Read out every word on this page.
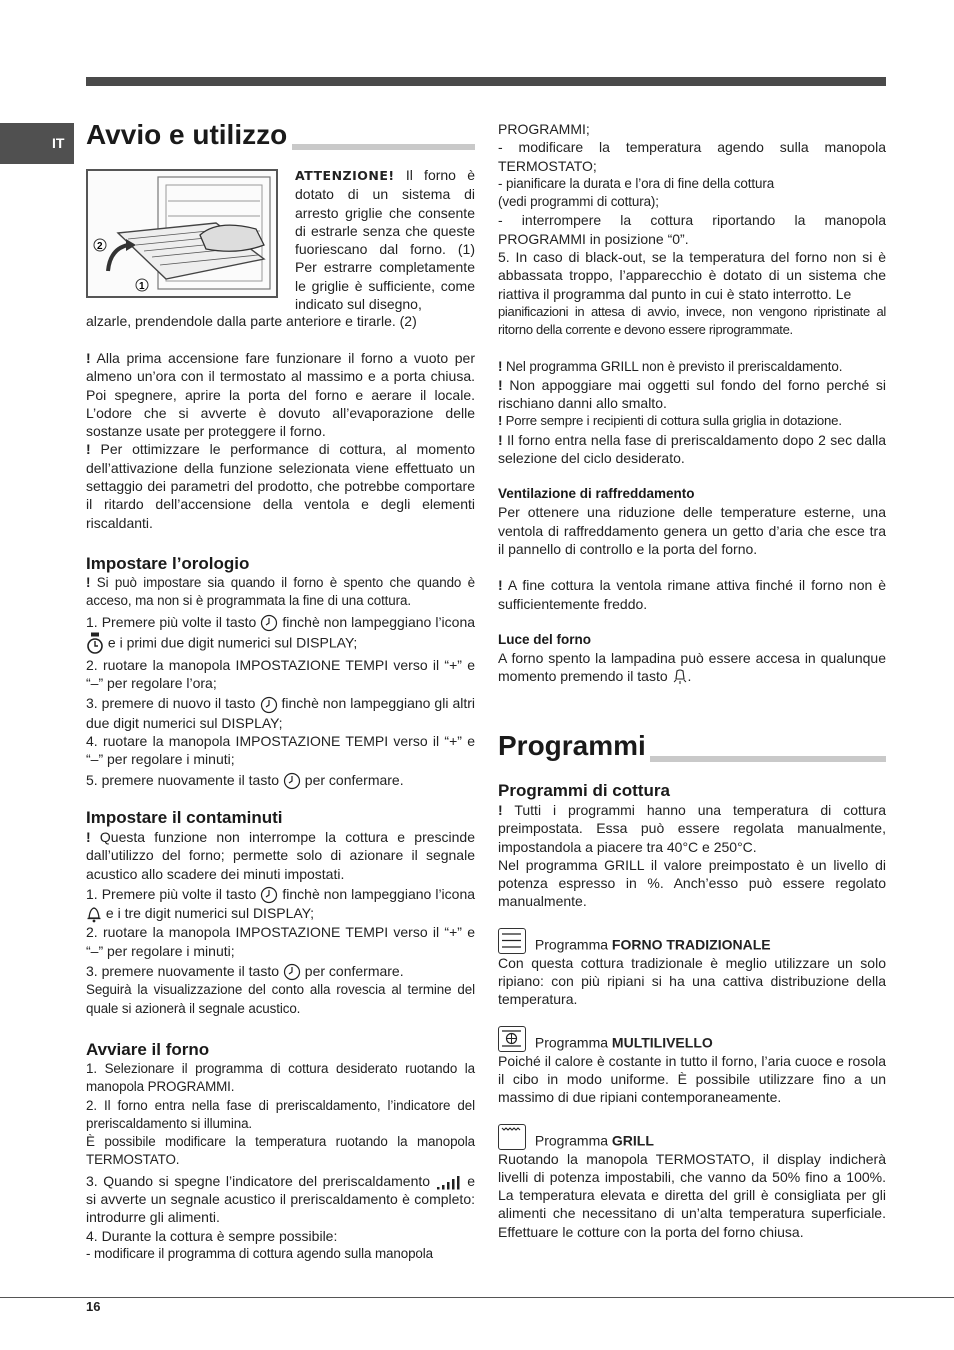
IT Avvio e utilizzo
2
1
ATTENZIONE! Il forno è dotato di un sistema di arresto griglie che consente di estrarle senza che queste fuoriescano dal forno. (1) Per estrarre completamente le griglie è sufficiente, come indicato sul disegno,
alzarle, prendendole dalla parte anteriore e tirarle. (2)

! Alla prima accensione fare funzionare il forno a vuoto per almeno un’ora con il termostato al massimo e a porta chiusa. Poi spegnere, aprire la porta del forno e aerare il locale. L’odore che si avverte è dovuto all’evaporazione delle sostanze usate per proteggere il forno.

! Per ottimizzare le performance di cottura, al momento dell’attivazione della funzione selezionata viene effettuato un settaggio dei parametri del prodotto, che potrebbe comportare il ritardo dell’accensione della ventola e degli elementi riscaldanti.

Impostare l’orologio

! Si può impostare sia quando il forno è spento che quando è acceso, ma non si è programmata la fine di una cottura.

1. Premere più volte il tasto finchè non lampeggiano l’icona  e i primi due digit numerici sul DISPLAY;

2. ruotare la manopola IMPOSTAZIONE TEMPI verso il “+” e “–” per regolare l’ora;

3. premere di nuovo il tasto finchè non lampeggiano gli altri due digit numerici sul DISPLAY;

4. ruotare la manopola IMPOSTAZIONE TEMPI verso il “+” e “–” per regolare i minuti;

5. premere nuovamente il tasto per confermare.

Impostare il contaminuti

! Questa funzione non interrompe la cottura e prescinde dall’utilizzo del forno; permette solo di azionare il segnale acustico allo scadere dei minuti impostati.

1. Premere più volte il tasto finchè non lampeggiano l’icona  e i tre digit numerici sul DISPLAY;

2. ruotare la manopola IMPOSTAZIONE TEMPI verso il “+” e “–” per regolare i minuti;

3. premere nuovamente il tasto per confermare.

Seguirà la visualizzazione del conto alla rovescia al termine del quale si azionerà il segnale acustico.

Avviare il forno

1. Selezionare il programma di cottura desiderato ruotando la manopola PROGRAMMI.

2. Il forno entra nella fase di preriscaldamento, l’indicatore del preriscaldamento si illumina.

È possibile modificare la temperatura ruotando la manopola TERMOSTATO.

3. Quando si spegne l’indicatore del preriscaldamento	e si avverte un segnale acustico il preriscaldamento è completo: introdurre gli alimenti.

4. Durante la cottura è sempre possibile:

- modificare il programma di cottura agendo sulla manopola

PROGRAMMI;

- modificare la temperatura agendo sulla manopola TERMOSTATO;

- pianificare la durata e l’ora di fine della cottura

(vedi programmi di cottura);

- interrompere la cottura riportando la manopola PROGRAMMI in posizione “0”.

5. In caso di black-out, se la temperatura del forno non si è abbassata troppo, l’apparecchio è dotato di un sistema che riattiva il programma dal punto in cui è stato interrotto. Le

pianificazioni in attesa di avvio, invece, non vengono ripristinate al ritorno della corrente e devono essere riprogrammate.

! Nel programma GRILL non è previsto il preriscaldamento.

! Non appoggiare mai oggetti sul fondo del forno perché si rischiano danni allo smalto.

! Porre sempre i recipienti di cottura sulla griglia in dotazione.

! Il forno entra nella fase di preriscaldamento dopo 2 sec dalla selezione del ciclo desiderato.

Ventilazione di raffreddamento

Per ottenere una riduzione delle temperature esterne, una ventola di raffreddamento genera un getto d’aria che esce tra il pannello di controllo e la porta del forno.

! A fine cottura la ventola rimane attiva finché il forno non è sufficientemente freddo.

Luce del forno

A forno spento la lampadina può essere accesa in qualunque momento premendo il tasto .

Programmi
Programmi di cottura

! Tutti i programmi hanno una temperatura di cottura preimpostata. Essa può essere regolata manualmente, impostandola a piacere tra 40°C e 250°C.

Nel programma GRILL il valore preimpostato è un livello di potenza espresso in %. Anch’esso può essere regolato manualmente.

Programma FORNO TRADIZIONALE

Con questa cottura tradizionale è meglio utilizzare un solo ripiano: con più ripiani si ha una cattiva distribuzione della temperatura.

Programma MULTILIVELLO

Poiché il calore è costante in tutto il forno, l’aria cuoce e rosola il cibo in modo uniforme. È possibile utilizzare fino a un massimo di due ripiani contemporaneamente.

Programma GRILL

Ruotando la manopola TERMOSTATO, il display indicherà livelli di potenza impostabili, che vanno da 50% fino a 100%. La temperatura elevata e diretta del grill è consigliata per gli alimenti che necessitano di un’alta temperatura superficiale. Effettuare le cotture con la porta del forno chiusa.

16
